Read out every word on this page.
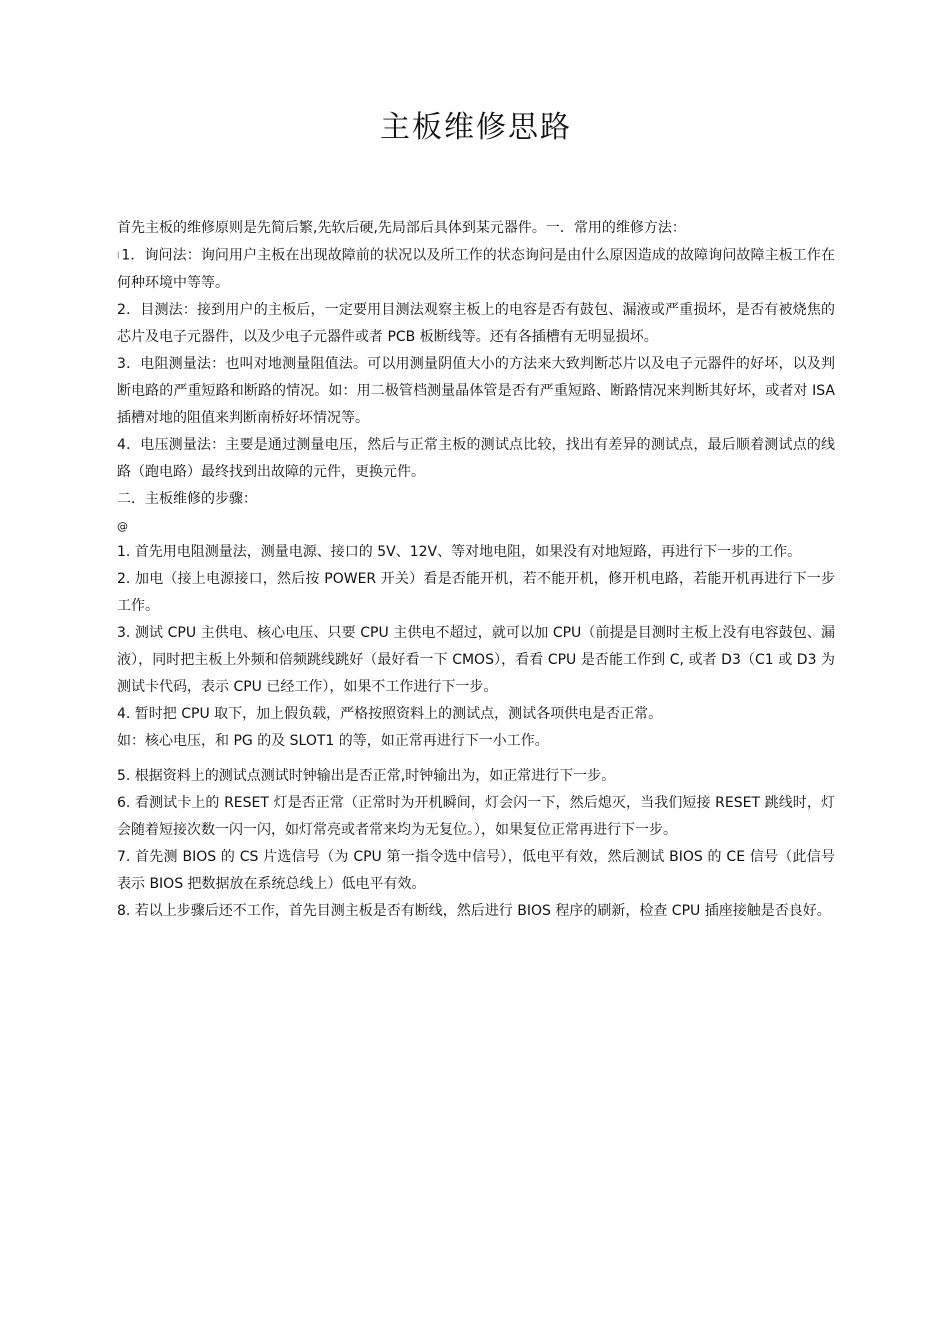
主板维修思路

首先主板的维修原则是先简后繁,先软后硬,先局部后具体到某元器件。一．常用的维修方法：

| 1．询问法：询问用户主板在出现故障前的状况以及所工作的状态询问是由什么原因造成的故障询问故障主板工作在何种环境中等等。

2．目测法：接到用户的主板后，一定要用目测法观察主板上的电容是否有鼓包、漏液或严重损坏，是否有被烧焦的芯片及电子元器件，以及少电子元器件或者 PCB 板断线等。还有各插槽有无明显损坏。

3．电阻测量法：也叫对地测量阻值法。可以用测量阴值大小的方法来大致判断芯片以及电子元器件的好坏，以及判断电路的严重短路和断路的情况。如：用二极管档测量晶体管是否有严重短路、断路情况来判断其好坏，或者对 ISA 插槽对地的阻值来判断南桥好坏情况等。

4．电压测量法：主要是通过测量电压，然后与正常主板的测试点比较，找出有差异的测试点，最后顺着测试点的线路（跑电路）最终找到出故障的元件，更换元件。

二．主板维修的步骤：

@

1. 首先用电阻测量法，测量电源、接口的 5V、12V、等对地电阻，如果没有对地短路，再进行下一步的工作。

2. 加电（接上电源接口，然后按 POWER 开关）看是否能开机，若不能开机，修开机电路，若能开机再进行下一步工作。

3. 测试 CPU 主供电、核心电压、只要 CPU 主供电不超过，就可以加 CPU（前提是目测时主板上没有电容鼓包、漏液），同时把主板上外频和倍频跳线跳好（最好看一下 CMOS），看看 CPU 是否能工作到 C, 或者 D3（C1 或 D3 为测试卡代码，表示 CPU 已经工作），如果不工作进行下一步。

4. 暂时把 CPU 取下，加上假负载，严格按照资料上的测试点，测试各项供电是否正常。

如：核心电压，和 PG 的及 SLOT1 的等，如正常再进行下一小工作。

5. 根据资料上的测试点测试时钟输出是否正常,时钟输出为，如正常进行下一步。

6. 看测试卡上的 RESET 灯是否正常（正常时为开机瞬间，灯会闪一下，然后熄灭，当我们短接 RESET 跳线时，灯会随着短接次数一闪一闪，如灯常亮或者常来均为无复位。），如果复位正常再进行下一步。

7. 首先测 BIOS 的 CS 片选信号（为 CPU 第一指令选中信号），低电平有效，然后测试 BIOS 的 CE 信号（此信号表示 BIOS 把数据放在系统总线上）低电平有效。

8. 若以上步骤后还不工作，首先目测主板是否有断线，然后进行 BIOS 程序的刷新，检查 CPU 插座接触是否良好。
